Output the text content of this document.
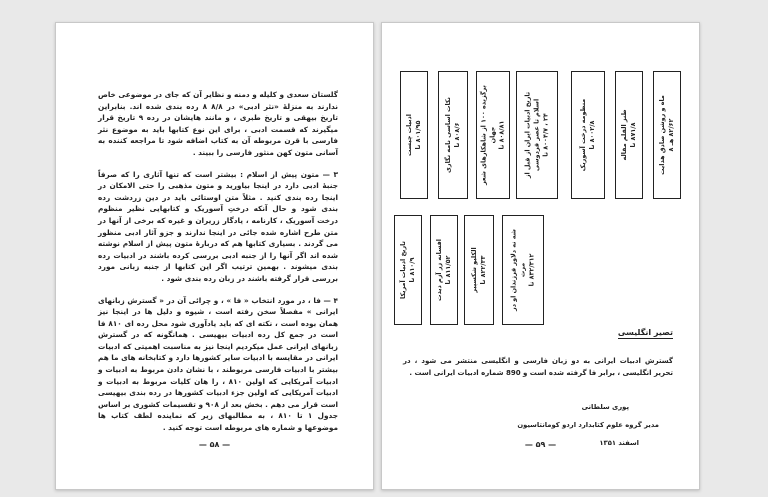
گلستان سعدی و کلیله و دمنه و نظایر آن که جای در موضوعی خاص ندارند به منزلهٔ «نثر ادبی» در ۸/۸ ۸ رده بندی شده اند. بنابراین تاریخ بیهقی و تاریخ طبری ، و مانند هایشان در رده ۹ تاریخ قرار میگیرند که قسمت ادبی ، برای این نوع کتابها باید به موضوع نثر فارسی با قرن مربوطه آن به کتاب اضافه شود تا مراجعه کننده به آسانی متون کهن منثور فارسی را ببیند .

۳ — متون پیش از اسلام : بیشتر است که تنها آثاری را که صرفاً جنبهٔ ادبی دارد در اینجا بیاورید و متون مذهبی را حتی الامکان در اینجا رده بندی کنید . مثلاً متن اوستائی باید در دین زردشت رده بندی شود و حال آنکه درختِ آسوریک و کتابهایی نظیر منظوم درخت آسوریک ، کارنامه ، یادگار زریران و غیره که برخی از آنها در متن طرح اشاره شده جائی در اینجا ندارند و جزو آثار ادبی منظور می گردند . بسیاری کتابها هم که دربارهٔ متون پیش از اسلام نوشته شده اند اگر آنها را از جنبه ادبی بررسی کرده باشند در ادبیات رده بندی میشوند . بهمین ترتیب اگر این کتابها از جنبه زبانی مورد بررسی قرار گرفته باشند در زبان رده بندی شود .

۴ — فا ، در مورد انتخاب « فا » ، و چرائی آن در « گسترش زبانهای ایرانی » مفصلاً سخن رفته است ، شیوه و دلیل ها در اینجا نیز همان بوده است ، نکته ای که باید یادآوری شود محل رده ای ۸۱۰ فا است در جمع کل رده ادبیات بیهیسی . همانگونه که در گسترش زبانهای ایرانی عمل میکردیم اینجا نیز به مناسبت اهمیتی که ادبیات ایرانی در مقایسه با ادبیات سایر کشورها دارد و کتابخانه های ما هم بیشتر با ادبیات فارسی مربوطند ، با نشان دادن مربوط به ادبیات و ادبیات آمریکایی که اولین ۸۱۰ ، را هان کلیات مربوط به ادبیات و ادبیات آمریکایی که اولین جزء ادبیات کشورها در رده بندی بیهیسی است قرار می دهم . بخش بعد از ۹۰۸ و تقسیمات کشوری بر اساس جدول ۱ تا ۸۱۰ ، به مطالبهای زیر که نماینده لطف کتاب ها موضوعها و شماره های مربوطه است توجه کنید .

— ۵۸ —
ماه و روشن صادق هدایت ۸۲/۶۲ هـ ۸
طنز القلم مقاله ۸۷۱/۸ نا
منظومه درخت آسوریک ۸۰۰۲/۸ نا
تاریخ ادبیات ایران از قبل از اسلام تا عصر فردوسی ۲۴ ، ۸۰۰۴/۷ نا
برگزیده ۱۰۰ از شاهکارهای شعر
جهان
۸۰۸/۸۱ نا
نکات اساسی نامه نگاری ۸۰۸/۶ نا
ادبیات چیست ۸۰۱/۹۵ نا
شه نه دلاور فرزندان او در مرث
۸۳۲/۳۱۲ نا
الکلیو شکسپیر ۸۲۲/۳۳ نا
افسانه زر آزم دیدت ۸۱۱/۵۲ نا
تاریخ ادبیات آمریکا ۸۱۰/۹ نا
تصیر انگلیسی
گسترش ادبیات ایرانی به دو زبان فارسی و انگلیسی منتشر می شود ، در تحریر انگلیسی ، برابر فا گرفته شده است و 890 شماره ادبیات ایرانی است .
پوری سلطانی
مدیر گروه علوم کتابدارد اردو کومانتاسیون
اسفند ۱۳۵۱
— ۵۹ —
